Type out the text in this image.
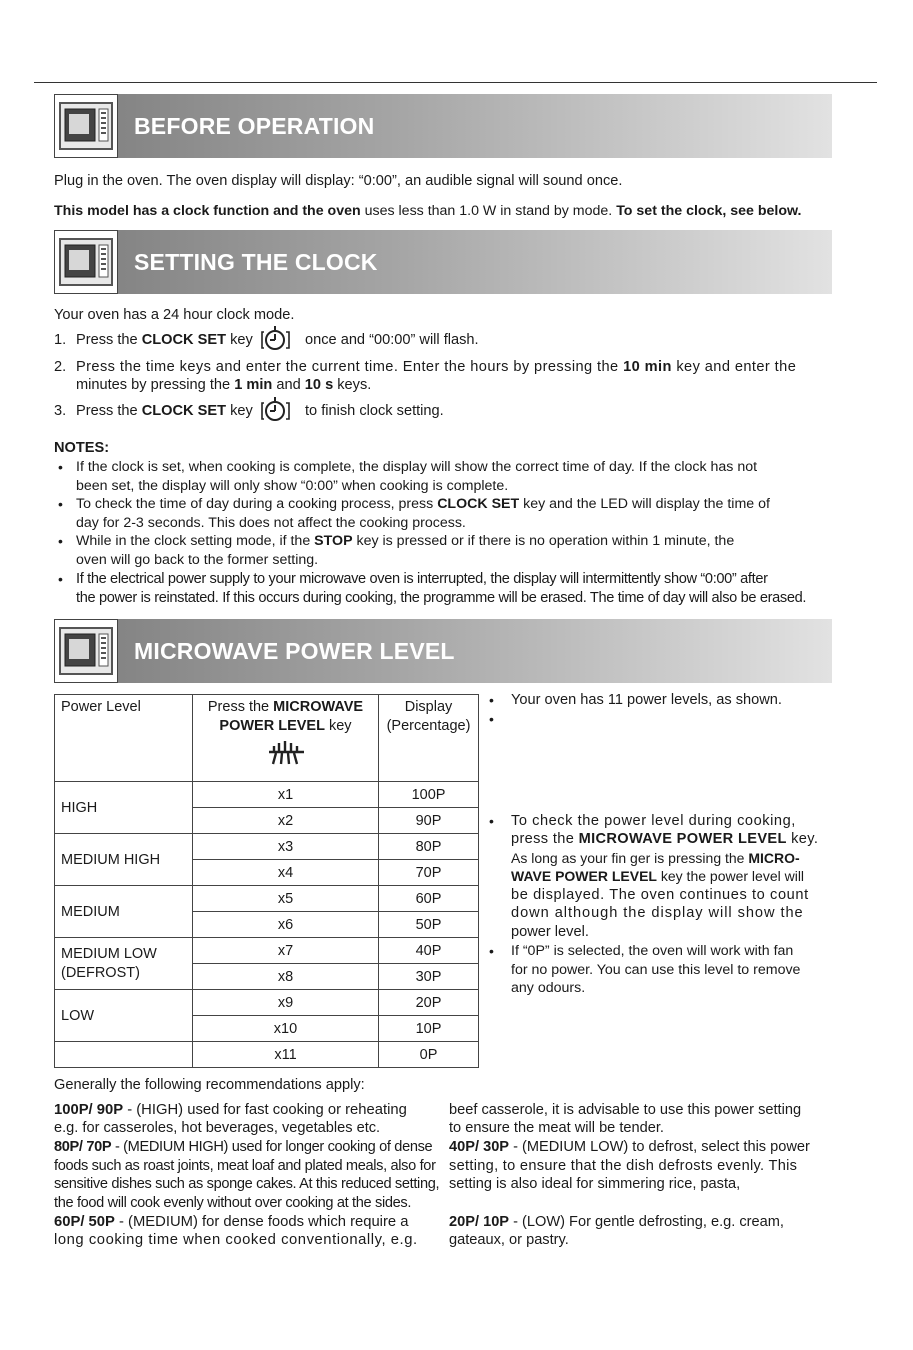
BEFORE OPERATION

Plug in the oven. The oven display will display: “0:00”, an audible signal will sound once.

This model has a clock function and the oven uses less than 1.0 W in stand by mode. To set the clock, see below.

SETTING THE CLOCK

Your oven has a 24 hour clock mode.

1. Press the CLOCK SET key	once and “00:00” will flash.

2. Press the time keys and enter the current time. Enter the hours by pressing the 10 min key and enter the

minutes by pressing the 1 min and 10 s keys.

3. Press the CLOCK SET key	to finish clock setting.

NOTES:

• If the clock is set, when cooking is complete, the display will show the correct time of day. If the clock has not

been set, the display will only show “0:00” when cooking is complete.

• To check the time of day during a cooking process, press CLOCK SET key and the LED will display the time of

day for 2-3 seconds. This does not affect the cooking process.

• While in the clock setting mode, if the STOP key is pressed or if there is no operation within 1 minute, the

oven will go back to the former setting.

• If the electrical power supply to your microwave oven is interrupted, the display will intermittently show “0:00” after

the power is reinstated. If this occurs during cooking, the programme will be erased. The time of day will also be erased.

MICROWAVE POWER LEVEL
Power Level	Press the MICROWAVE
POWER LEVEL key	Display
(Percentage)
HIGH	x1	100P
	x2	90P
MEDIUM HIGH	x3	80P
	x4	70P
MEDIUM	x5	60P
	x6	50P
MEDIUM LOW
(DEFROST)	x7	40P
	x8	30P
LOW	x9	20P
	x10	10P
	x11	0P
• Your oven has 11 power levels, as shown.

•
• To check the power level during cooking,

press the MICROWAVE POWER LEVEL key.

As long as your fin ger is pressing the MICRO-

WAVE POWER LEVEL key the power level will

be displayed. The oven continues to count

down although the display will show the

power level.

• If “0P” is selected, the oven will work with fan

for no power. You can use this level to remove

any odours.

Generally the following recommendations apply:

100P/ 90P - (HIGH) used for fast cooking or reheating

e.g. for casseroles, hot beverages, vegetables etc.

80P/ 70P - (MEDIUM HIGH) used for longer cooking of dense

foods such as roast joints, meat loaf and plated meals, also for

sensitive dishes such as sponge cakes. At this reduced setting,

the food will cook evenly without over cooking at the sides.

60P/ 50P - (MEDIUM) for dense foods which require a

long cooking time when cooked conventionally, e.g.

beef casserole, it is advisable to use this power setting

to ensure the meat will be tender.

40P/ 30P - (MEDIUM LOW) to defrost, select this power

setting, to ensure that the dish defrosts evenly. This

setting is also ideal for simmering rice, pasta,

20P/ 10P - (LOW) For gentle defrosting, e.g. cream,

gateaux, or pastry.
